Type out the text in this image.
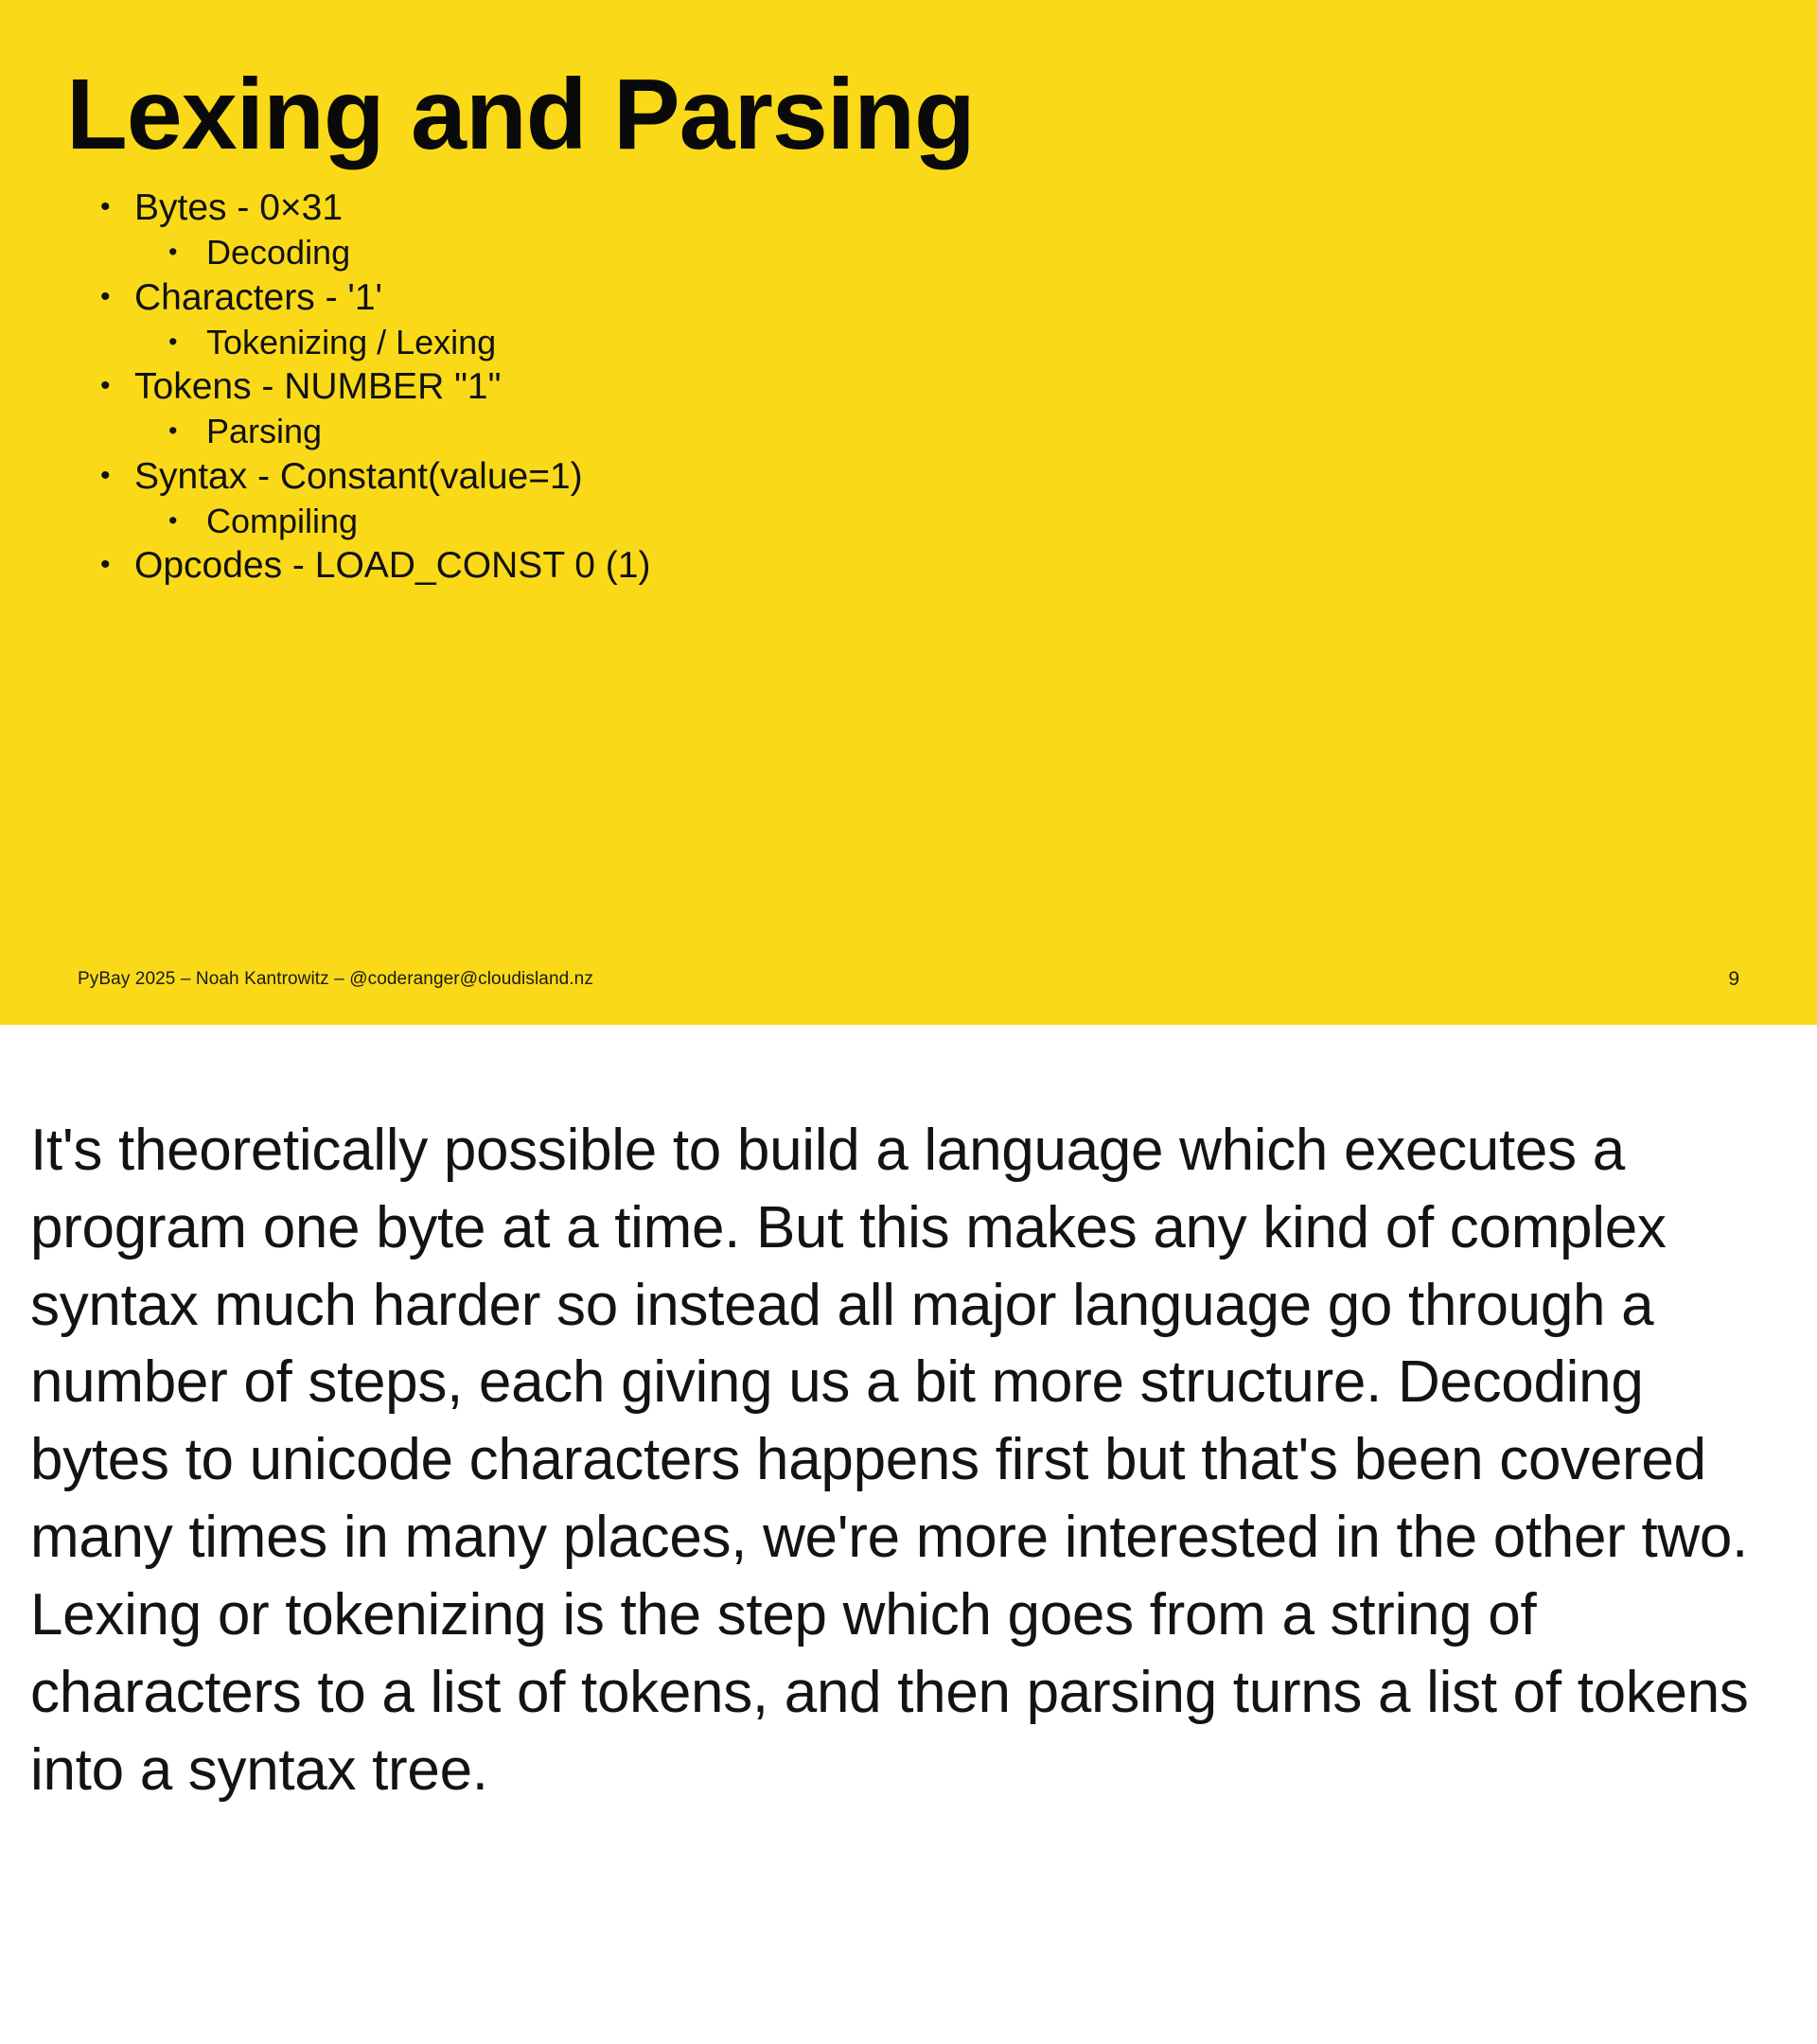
Lexing and Parsing
• Bytes - 0×31
• Decoding
• Characters - '1'
• Tokenizing / Lexing
• Tokens - NUMBER "1"
• Parsing
• Syntax - Constant(value=1)
• Compiling
• Opcodes - LOAD_CONST 0 (1)
PyBay 2025 – Noah Kantrowitz – @coderanger@cloudisland.nz	9

It's theoretically possible to build a language which executes a program one byte at a time. But this makes any kind of complex syntax much harder so instead all major language go through a number of steps, each giving us a bit more structure. Decoding bytes to unicode characters happens first but that's been covered many times in many places, we're more interested in the other two. Lexing or tokenizing is the step which goes from a string of characters to a list of tokens, and then parsing turns a list of tokens into a syntax tree.
